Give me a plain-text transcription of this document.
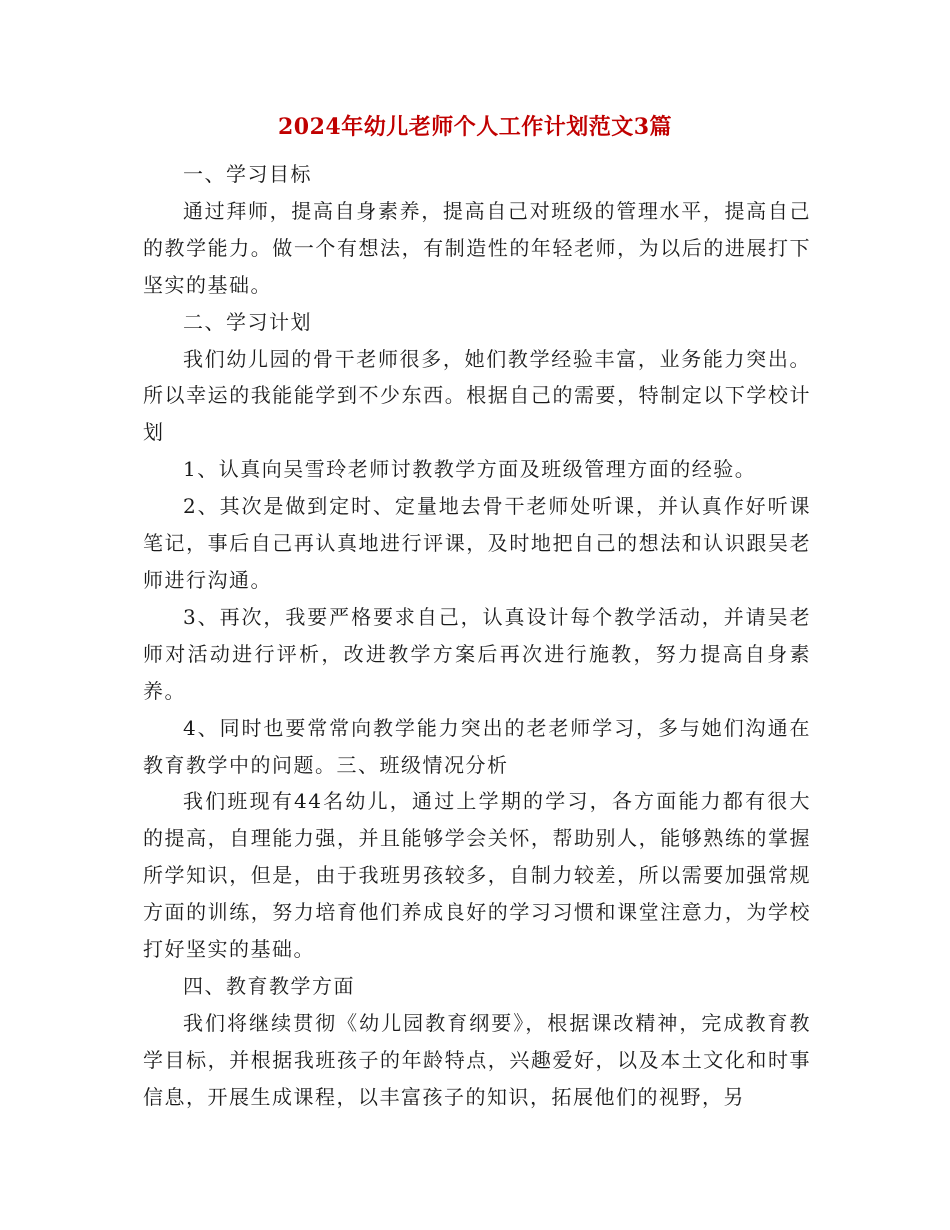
2024年幼儿老师个人工作计划范文3篇

一、学习目标

通过拜师，提高自身素养，提高自己对班级的管理水平，提高自己的教学能力。做一个有想法，有制造性的年轻老师，为以后的进展打下坚实的基础。

二、学习计划

我们幼儿园的骨干老师很多，她们教学经验丰富，业务能力突出。所以幸运的我能能学到不少东西。根据自己的需要，特制定以下学校计划

1、认真向吴雪玲老师讨教教学方面及班级管理方面的经验。

2、其次是做到定时、定量地去骨干老师处听课，并认真作好听课笔记，事后自己再认真地进行评课，及时地把自己的想法和认识跟吴老师进行沟通。

3、再次，我要严格要求自己，认真设计每个教学活动，并请吴老师对活动进行评析，改进教学方案后再次进行施教，努力提高自身素养。

4、同时也要常常向教学能力突出的老老师学习，多与她们沟通在教育教学中的问题。三、班级情况分析

我们班现有44名幼儿，通过上学期的学习，各方面能力都有很大的提高，自理能力强，并且能够学会关怀，帮助别人，能够熟练的掌握所学知识，但是，由于我班男孩较多，自制力较差，所以需要加强常规方面的训练，努力培育他们养成良好的学习习惯和课堂注意力，为学校打好坚实的基础。

四、教育教学方面

我们将继续贯彻《幼儿园教育纲要》，根据课改精神，完成教育教学目标，并根据我班孩子的年龄特点，兴趣爱好，以及本土文化和时事信息，开展生成课程，以丰富孩子的知识，拓展他们的视野，另
